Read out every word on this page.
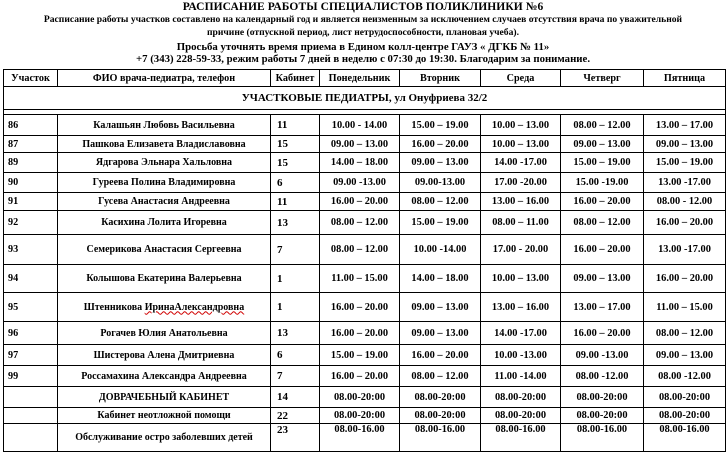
РАСПИСАНИЕ РАБОТЫ СПЕЦИАЛИСТОВ ПОЛИКЛИНИКИ №6
Расписание работы участков составлено на календарный год и является неизменным за исключением случаев отсутствия врача по уважительной
причине (отпускной период, лист нетрудоспособности, плановая учеба).
Просьба уточнять время приема в Едином колл-центре ГАУЗ « ДГКБ № 11»
+7 (343) 228-59-33, режим работы 7 дней в неделю с 07:30 до 19:30. Благодарим за понимание.
Участок	ФИО врача-педиатра, телефон	Кабинет	Понедельник	Вторник	Среда	Четверг	Пятница
УЧАСТКОВЫЕ ПЕДИАТРЫ, ул Онуфриева 32/2							

86	Калашьян Любовь Васильевна	11	10.00 - 14.00	15.00 – 19.00	10.00 – 13.00	08.00 – 12.00	13.00 – 17.00
87	Пашкова Елизавета Владиславовна	15	09.00 – 13.00	16.00 – 20.00	10.00 – 13.00	09.00 – 13.00	09.00 – 13.00
89	Ядгарова Эльнара Хальловна	15	14.00 – 18.00	09.00 – 13.00	14.00 -17.00	15.00 – 19.00	15.00 – 19.00
90	Гуреева Полина Владимировна	6	09.00 -13.00	09.00-13.00	17.00 -20.00	15.00 -19.00	13.00 -17.00
91	Гусева Анастасия Андреевна	11	16.00 – 20.00	08.00 – 12.00	13.00 – 16.00	16.00 – 20.00	08.00 - 12.00
92	Касихина Лолита Игоревна	13	08.00 – 12.00	15.00 – 19.00	08.00 – 11.00	08.00 – 12.00	16.00 – 20.00
93	Семерикова Анастасия Сергеевна	7	08.00 – 12.00	10.00 -14.00	17.00 - 20.00	16.00 – 20.00	13.00 -17.00
94	Колышова Екатерина Валерьевна	1	11.00 – 15.00	14.00 – 18.00	10.00 – 13.00	09.00 – 13.00	16.00 – 20.00
95	Штенникова ИринаАлександровна	1	16.00 – 20.00	09.00 – 13.00	13.00 – 16.00	13.00 – 17.00	11.00 – 15.00
96	Рогачев Юлия Анатольевна	13	16.00 – 20.00	09.00 – 13.00	14.00 -17.00	16.00 – 20.00	08.00 – 12.00
97	Шистерова Алена Дмитриевна	6	15.00 – 19.00	16.00 – 20.00	10.00 -13.00	09.00 -13.00	09.00 – 13.00
99	Россамахина Александра Андреевна	7	16.00 – 20.00	08.00 – 12.00	11.00 -14.00	08.00 -12.00	08.00 -12.00
	ДОВРАЧЕБНЫЙ КАБИНЕТ	14	08.00-20:00	08.00-20:00	08.00-20:00	08.00-20:00	08.00-20:00
	Кабинет неотложной помощи	22	08.00-20:00	08.00-20:00	08.00-20:00	08.00-20:00	08.00-20:00
	Обслуживание остро заболевших детей	23	08.00-16.00	08.00-16.00	08.00-16.00	08.00-16.00	08.00-16.00
